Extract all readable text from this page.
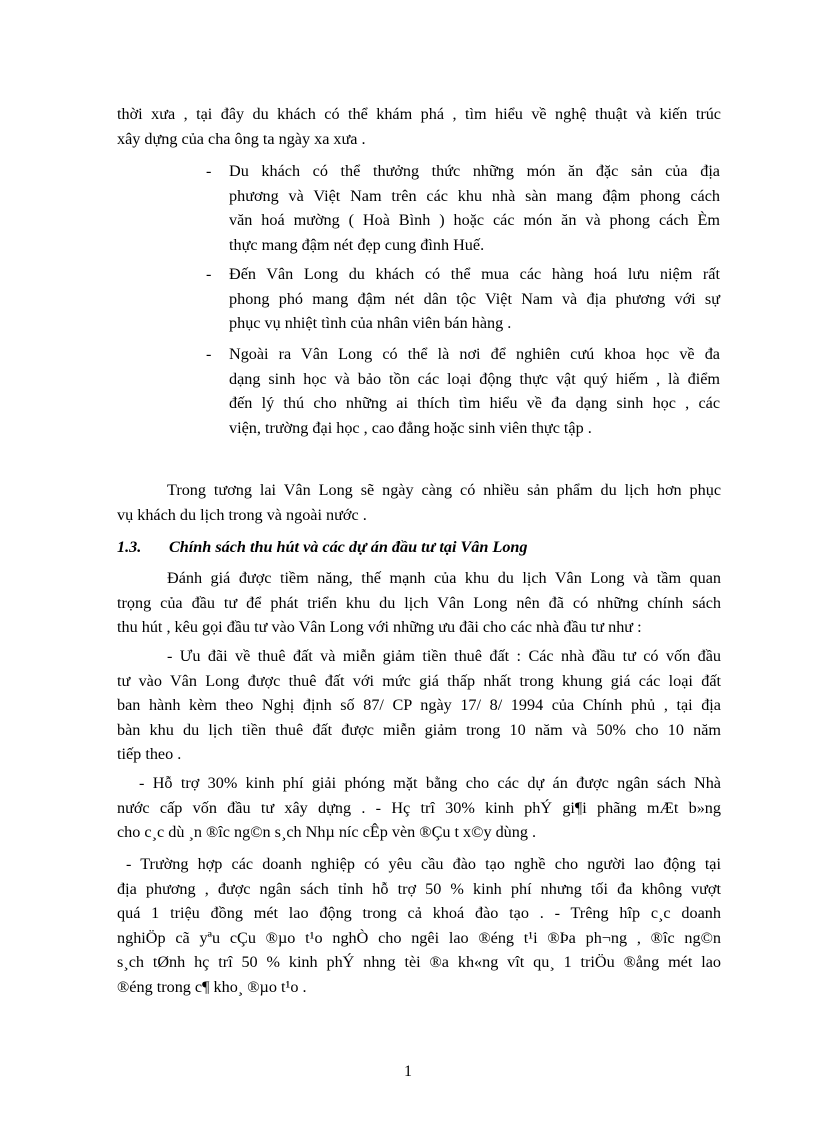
thời xưa , tại đây du khách có thể khám phá , tìm hiểu về nghệ thuật và kiến trúc
xây dựng của cha ông ta ngày xa xưa .
- Du khách có thể thưởng thức những món ăn đặc sản của địa
phương và Việt Nam trên các khu nhà sàn mang đậm phong cách
văn hoá mường ( Hoà Bình ) hoặc các món ăn và phong cách Èm
thực mang đậm nét đẹp cung đình Huế.
- Đến Vân Long du khách có thể mua các hàng hoá lưu niệm rất
phong phó mang đậm nét dân tộc Việt Nam và địa phương với sự
phục vụ nhiệt tình của nhân viên bán hàng .
- Ngoài ra Vân Long có thể là nơi để nghiên cưú khoa học về đa
dạng sinh học và bảo tồn các loại động thực vật quý hiếm , là điểm
đến lý thú cho những ai thích tìm hiểu về đa dạng sinh học , các
viện, trường đại học , cao đẳng hoặc sinh viên thực tập .
Trong tương lai Vân Long sẽ ngày càng có nhiều sản phẩm du lịch hơn phục
vụ khách du lịch trong và ngoài nước .
1.3. Chính sách thu hút và các dự án đầu tư tại Vân Long
Đánh giá được tiềm năng, thế mạnh của khu du lịch Vân Long và tầm quan
trọng của đầu tư để phát triển khu du lịch Vân Long nên đã có những chính sách
thu hút , kêu gọi đầu tư vào Vân Long với những ưu đãi cho các nhà đầu tư như :
- Ưu đãi về thuê đất và miễn giảm tiền thuê đất : Các nhà đầu tư có vốn đầu
tư vào Vân Long được thuê đất với mức giá thấp nhất trong khung giá các loại đất
ban hành kèm theo Nghị định số 87/ CP ngày 17/ 8/ 1994 của Chính phủ , tại địa
bàn khu du lịch tiền thuê đất được miễn giảm trong 10 năm và 50% cho 10 năm
tiếp theo .
- Hỗ trợ 30% kinh phí giải phóng mặt bằng cho các dự án được ngân sách Nhà
nước cấp vốn đầu tư xây dựng . - Hç trî 30% kinh phÝ gi¶i phãng mÆt b»ng
cho c¸c dù ¸n ®îc ng©n s¸ch Nhµ níc cÊp vèn ®Çu t x©y dùng .
- Trường hợp các doanh nghiệp có yêu cầu đào tạo nghề cho người lao động tại
địa phương , được ngân sách tỉnh hỗ trợ 50 % kinh phí nhưng tối đa không vượt
quá 1 triệu đồng mét lao động trong cả khoá đào tạo . - Trêng hîp c¸c doanh
nghiÖp cã yªu cÇu ®µo t¹o nghÒ cho ngêi lao ®éng t¹i ®Þa ph¬ng , ®îc ng©n
s¸ch tØnh hç trî 50 % kinh phÝ nhng tèi ®a kh«ng vît qu¸ 1 triÖu ®ång mét lao
®éng trong c¶ kho¸ ®µo t¹o .
1
